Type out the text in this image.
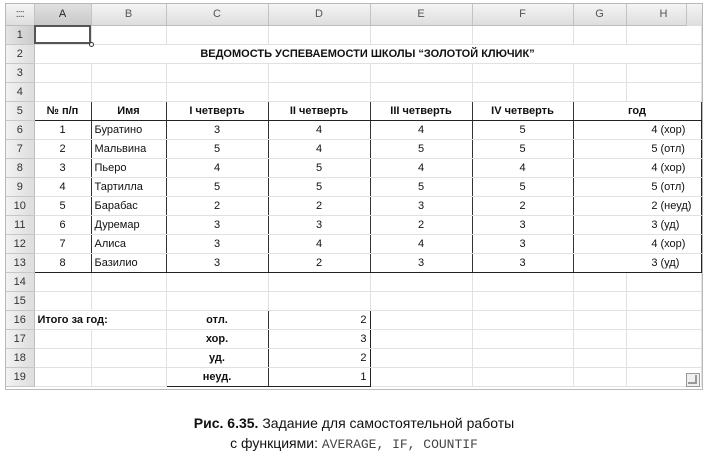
::::	A	B	C	D	E	F	G	H
1	

2	ВЕДОМОСТЬ УСПЕВАЕМОСТИ ШКОЛЫ “ЗОЛОТОЙ КЛЮЧИК”							
3								
4								
5	№ п/п	Имя	I четверть	II четверть	III четверть	IV четверть	год	
6	1	Буратино	3	4	4	5	4 (хор)	

7	2	Мальвина	5	4	5	5	5 (отл)	

8	3	Пьеро	4	5	4	4	4 (хор)	

9	4	Тартилла	5	5	5	5	5 (отл)	

10	5	Барабас	2	2	3	2	2 (неуд)	

11	6	Дуремар	3	3	2	3	3 (уд)	

12	7	Алиса	3	4	4	3	4 (хор)	

13	8	Базилио	3	2	3	3	3 (уд)	

14								
15								
16	Итого за год:		отл.	2				
17			хор.	3				
18			уд.	2				
19			неуд.	1				
Рис. 6.35. Задание для самостоятельной работы
с функциями: AVERAGE, IF, COUNTIF
